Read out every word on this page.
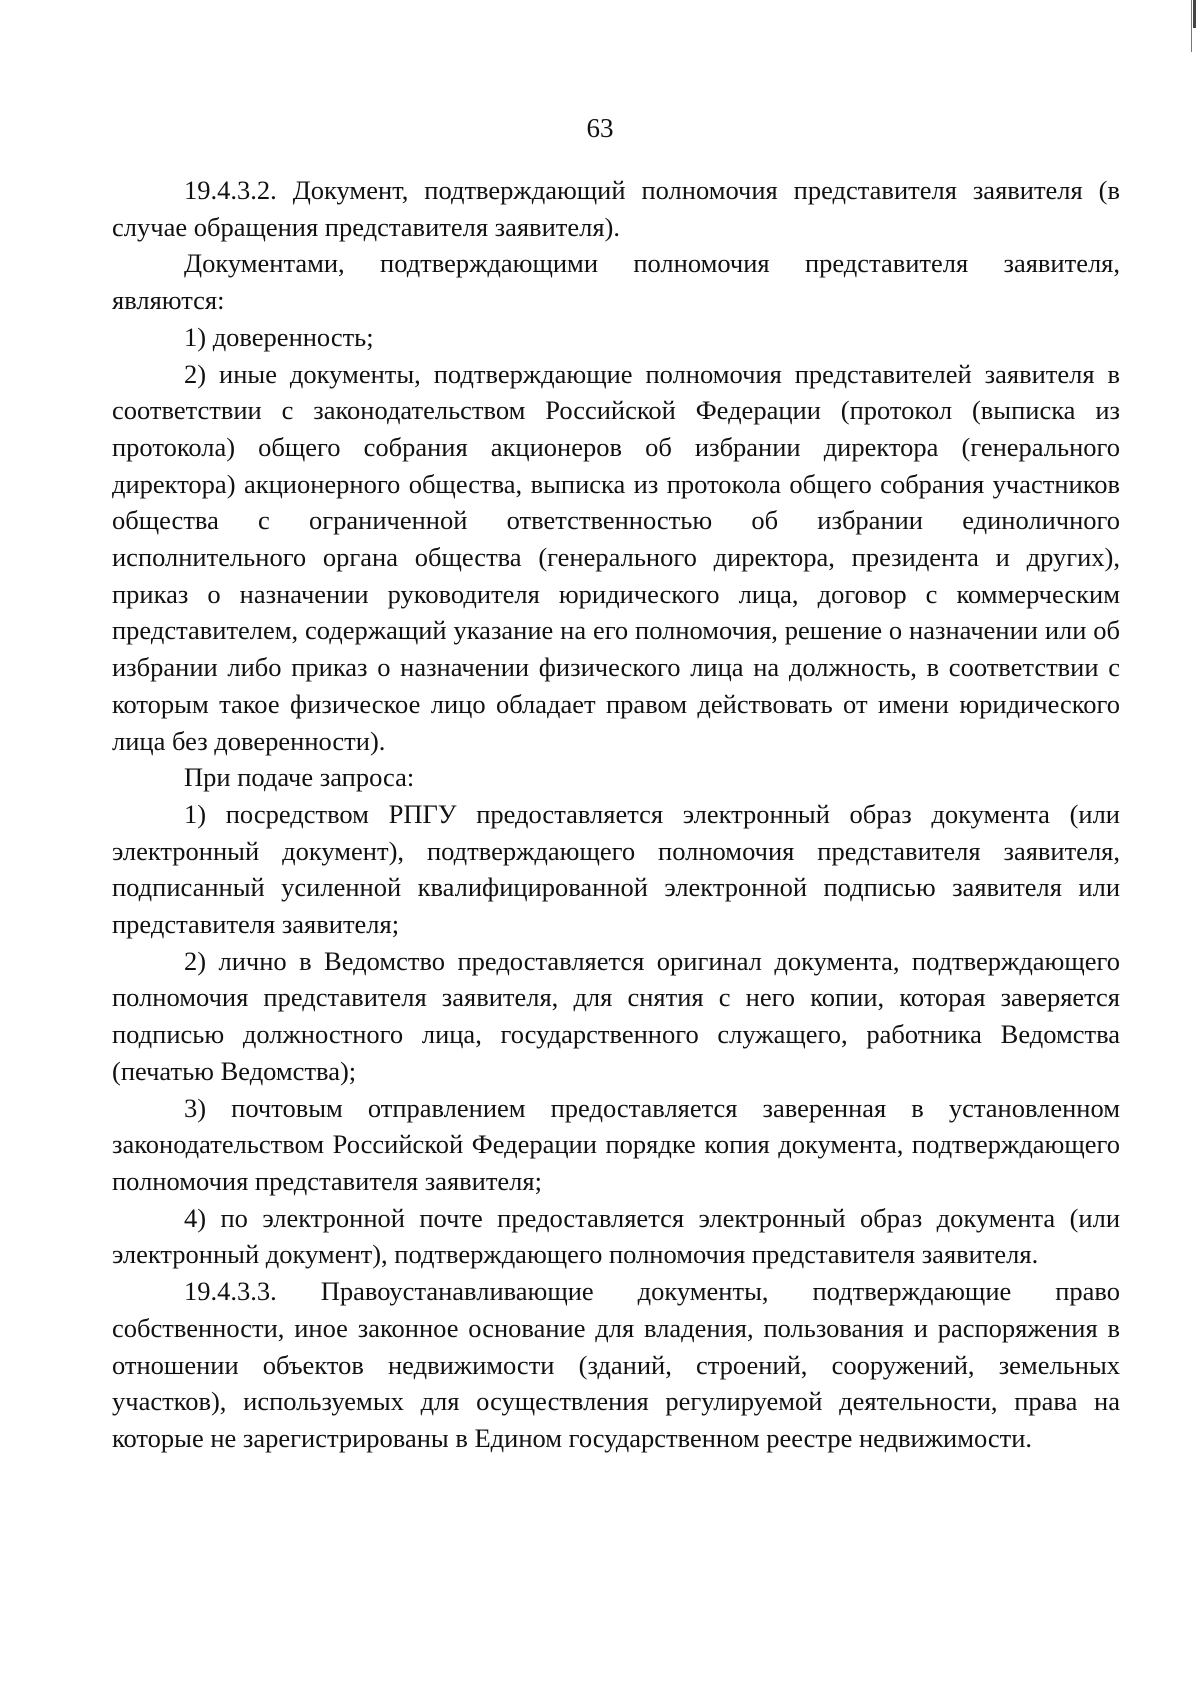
63

19.4.3.2. Документ, подтверждающий полномочия представителя заявителя (в случае обращения представителя заявителя).

Документами, подтверждающими полномочия представителя заявителя, являются:

1) доверенность;

2) иные документы, подтверждающие полномочия представителей заявителя в соответствии с законодательством Российской Федерации (протокол (выписка из протокола) общего собрания акционеров об избрании директора (генерального директора) акционерного общества, выписка из протокола общего собрания участников общества с ограниченной ответственностью об избрании единоличного исполнительного органа общества (генерального директора, президента и других), приказ о назначении руководителя юридического лица, договор с коммерческим представителем, содержащий указание на его полномочия, решение о назначении или об избрании либо приказ о назначении физического лица на должность, в соответствии с которым такое физическое лицо обладает правом действовать от имени юридического лица без доверенности).

При подаче запроса:

1) посредством РПГУ предоставляется электронный образ документа (или электронный документ), подтверждающего полномочия представителя заявителя, подписанный усиленной квалифицированной электронной подписью заявителя или представителя заявителя;

2) лично в Ведомство предоставляется оригинал документа, подтверждающего полномочия представителя заявителя, для снятия с него копии, которая заверяется подписью должностного лица, государственного служащего, работника Ведомства (печатью Ведомства);

3) почтовым отправлением предоставляется заверенная в установленном законодательством Российской Федерации порядке копия документа, подтверждающего полномочия представителя заявителя;

4) по электронной почте предоставляется электронный образ документа (или электронный документ), подтверждающего полномочия представителя заявителя.

19.4.3.3. Правоустанавливающие документы, подтверждающие право собственности, иное законное основание для владения, пользования и распоряжения в отношении объектов недвижимости (зданий, строений, сооружений, земельных участков), используемых для осуществления регулируемой деятельности, права на которые не зарегистрированы в Едином государственном реестре недвижимости.
